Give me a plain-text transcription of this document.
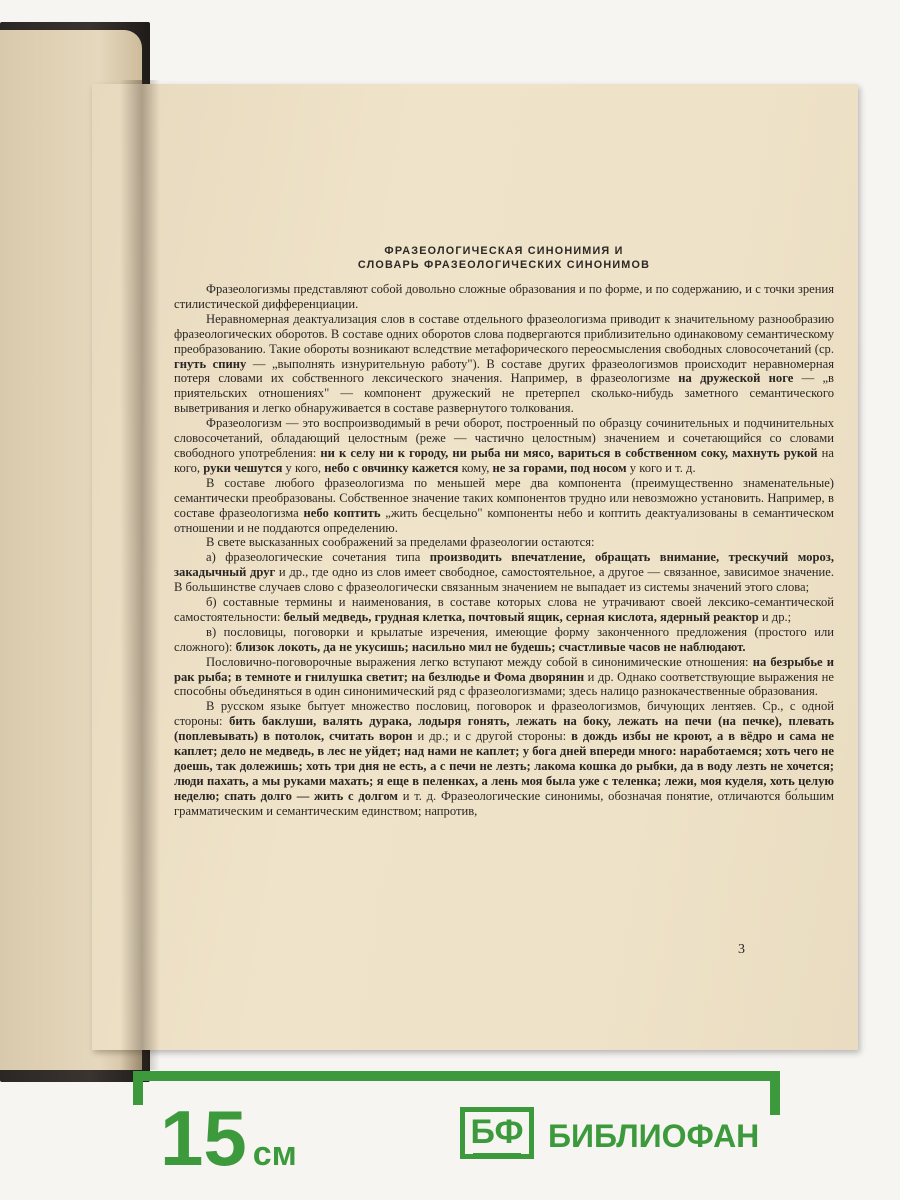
ФРАЗЕОЛОГИЧЕСКАЯ СИНОНИМИЯ И
СЛОВАРЬ ФРАЗЕОЛОГИЧЕСКИХ СИНОНИМОВ

Фразеологизмы представляют собой довольно сложные образования и по форме, и по содержанию, и с точки зрения стилистической дифференциации.

Неравномерная деактуализация слов в составе отдельного фразеологизма приводит к значительному разнообразию фразеологических оборотов. В составе одних оборотов слова подвергаются приблизительно одинаковому семантическому преобразованию. Такие обороты возникают вследствие метафорического переосмысления свободных словосочетаний (ср. гнуть спину — „выполнять изнурительную работу"). В составе других фразеологизмов происходит неравномерная потеря словами их собственного лексического значения. Например, в фразеологизме на дружеской ноге — „в приятельских отношениях" — компонент дружеский не претерпел сколько-нибудь заметного семантического выветривания и легко обнаруживается в составе развернутого толкования.

Фразеологизм — это воспроизводимый в речи оборот, построенный по образцу сочинительных и подчинительных словосочетаний, обладающий целостным (реже — частично целостным) значением и сочетающийся со словами свободного употребления: ни к селу ни к городу, ни рыба ни мясо, вариться в собственном соку, махнуть рукой на кого, руки чешутся у кого, небо с овчинку кажется кому, не за горами, под носом у кого и т. д.

В составе любого фразеологизма по меньшей мере два компонента (преимущественно знаменательные) семантически преобразованы. Собственное значение таких компонентов трудно или невозможно установить. Например, в составе фразеологизма небо коптить „жить бесцельно" компоненты небо и коптить деактуализованы в семантическом отношении и не поддаются определению.

В свете высказанных соображений за пределами фразеологии остаются:

а) фразеологические сочетания типа производить впечатление, обращать внимание, трескучий мороз, закадычный друг и др., где одно из слов имеет свободное, самостоятельное, а другое — связанное, зависимое значение. В большинстве случаев слово с фразеологически связанным значением не выпадает из системы значений этого слова;

б) составные термины и наименования, в составе которых слова не утрачивают своей лексико-семантической самостоятельности: белый медведь, грудная клетка, почтовый ящик, серная кислота, ядерный реактор и др.;

в) пословицы, поговорки и крылатые изречения, имеющие форму законченного предложения (простого или сложного): близок локоть, да не укусишь; насильно мил не будешь; счастливые часов не наблюдают.

Пословично-поговорочные выражения легко вступают между собой в синонимические отношения: на безрыбье и рак рыба; в темноте и гнилушка светит; на безлюдье и Фома дворянин и др. Однако соответствующие выражения не способны объединяться в один синонимический ряд с фразеологизмами; здесь налицо разнокачественные образования.

В русском языке бытует множество пословиц, поговорок и фразеологизмов, бичующих лентяев. Ср., с одной стороны: бить баклуши, валять дурака, лодыря гонять, лежать на боку, лежать на печи (на печке), плевать (поплевывать) в потолок, считать ворон и др.; и с другой стороны: в дождь избы не кроют, а в вёдро и сама не каплет; дело не медведь, в лес не уйдет; над нами не каплет; у бога дней впереди много: наработаемся; хоть чего не доешь, так долежишь; хоть три дня не есть, а с печи не лезть; лакома кошка до рыбки, да в воду лезть не хочется; люди пахать, а мы руками махать; я еще в пеленках, а лень моя была уже с теленка; лежи, моя куделя, хоть целую неделю; спать долго — жить с долгом и т. д. Фразеологические синонимы, обозначая понятие, отличаются бо́льшим грамматическим и семантическим единством; напротив,

3
15 см
БФ БИБЛИОФАН
